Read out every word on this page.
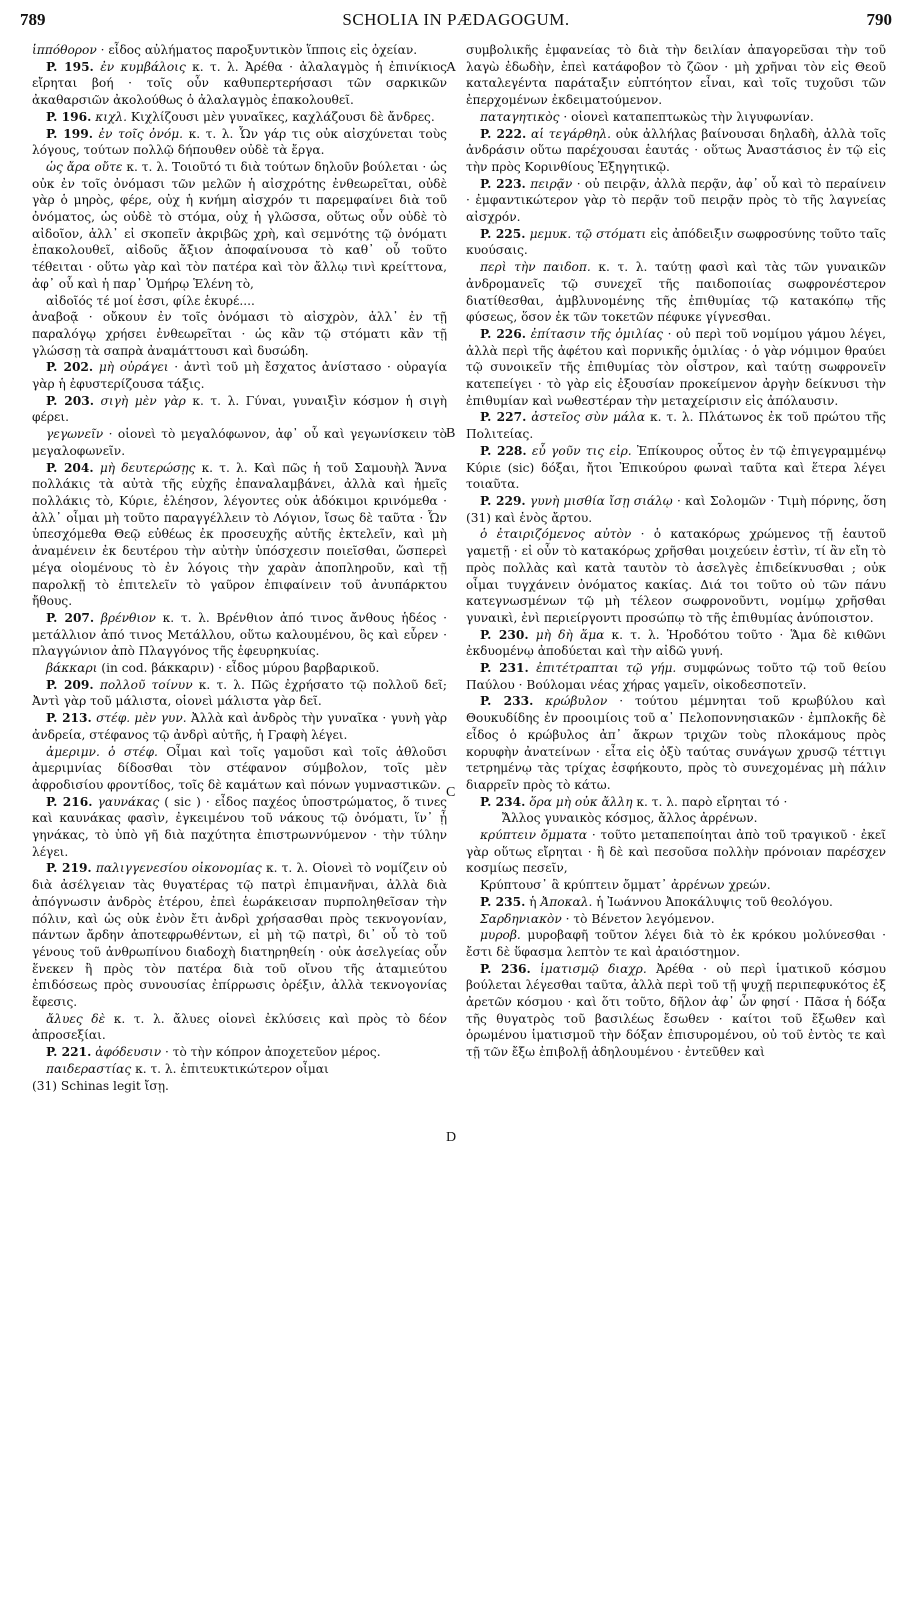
789	SCHOLIA IN PÆDAGOGUM.	790

ἱππόθορον · εἶδος αὐλήματος παροξυντικὸν ἵπποις εἰς ὀχείαν.

P. 195. ἐν κυμβάλοις κ. τ. λ. Ἀρέθα · ἀλαλαγμὸς ἡ ἐπινίκιος εἴρηται βοή · τοῖς οὖν καθυπερτερήσασι τῶν σαρκικῶν ἀκαθαρσιῶν ἀκολούθως ὁ ἀλαλαγμὸς ἐπακολουθεῖ.

P. 196. κιχλ. Κιχλίζουσι μὲν γυναῖκες, καχλάζουσι δὲ ἄνδρες.

P. 199. ἐν τοῖς ὀνόμ. κ. τ. λ. Ὧν γάρ τις οὐκ αἰσχύνεται τοὺς λόγους, τούτων πολλῷ δήπουθεν οὐδὲ τὰ ἔργα.

ὡς ἄρα οὔτε κ. τ. λ. Τοιοῦτό τι διὰ τούτων δηλοῦν βούλεται · ὡς οὐκ ἐν τοῖς ὀνόμασι τῶν μελῶν ἡ αἰσχρότης ἐνθεωρεῖται, οὐδὲ γὰρ ὁ μηρὸς, φέρε, οὐχ ἡ κνήμη αἰσχρόν τι παρεμφαίνει διὰ τοῦ ὀνόματος, ὡς οὐδὲ τὸ στόμα, οὐχ ἡ γλῶσσα, οὕτως οὖν οὐδὲ τὸ αἰδοῖον, ἀλλ᾽ εἰ σκοπεῖν ἀκριβῶς χρὴ, καὶ σεμνότης τῷ ὀνόματι ἐπακολουθεῖ, αἰδοῦς ἄξιον ἀποφαίνουσα τὸ καθ᾽ οὗ τοῦτο τέθειται · οὕτω γὰρ καὶ τὸν πατέρα καὶ τὸν ἄλλῳ τινὶ κρείττονα, ἀφ᾽ οὗ καὶ ἡ παρ᾽ Ὁμήρῳ Ἑλένη τὸ,

αἰδοῖός τέ μοί ἐσσι, φίλε ἑκυρέ....

ἀναβοᾷ · οὔκουν ἐν τοῖς ὀνόμασι τὸ αἰσχρὸν, ἀλλ᾽ ἐν τῇ παραλόγῳ χρήσει ἐνθεωρεῖται · ὡς κἂν τῷ στόματι κἂν τῇ γλώσσῃ τὰ σαπρὰ ἀναμάττουσι καὶ δυσώδη.

P. 202. μὴ οὐράγει · ἀντὶ τοῦ μὴ ἔσχατος ἀνίστασο · οὐραγία γὰρ ἡ ἐφυστερίζουσα τάξις.

P. 203. σιγὴ μὲν γὰρ κ. τ. λ. Γύναι, γυναιξὶν κόσμον ἡ σιγὴ φέρει.

γεγωνεῖν · οἱονεὶ τὸ μεγαλόφωνον, ἀφ᾽ οὗ καὶ γεγωνίσκειν τὸ μεγαλοφωνεῖν.

P. 204. μὴ δευτερώσῃς κ. τ. λ. Καὶ πῶς ἡ τοῦ Σαμουὴλ Ἄννα πολλάκις τὰ αὐτὰ τῆς εὐχῆς ἐπαναλαμβάνει, ἀλλὰ καὶ ἡμεῖς πολλάκις τὸ, Κύριε, ἐλέησον, λέγοντες οὐκ ἀδόκιμοι κρινόμεθα · ἀλλ᾽ οἶμαι μὴ τοῦτο παραγγέλλειν τὸ Λόγιον, ἴσως δὲ ταῦτα · Ὧν ὑπεσχόμεθα Θεῷ εὐθέως ἐκ προσευχῆς αὐτῆς ἐκτελεῖν, καὶ μὴ ἀναμένειν ἐκ δευτέρου τὴν αὐτὴν ὑπόσχεσιν ποιεῖσθαι, ὥσπερεὶ μέγα οἰομένους τὸ ἐν λόγοις τὴν χαρὰν ἀποπληροῦν, καὶ τῇ παρολκῇ τὸ ἐπιτελεῖν τὸ γαῦρον ἐπιφαίνειν τοῦ ἀνυπάρκτου ἤθους.

P. 207. βρένθιον κ. τ. λ. Βρένθιον ἀπό τινος ἄνθους ἡδέος · μετάλλιον ἀπό τινος Μετάλλου, οὕτω καλουμένου, ὃς καὶ εὗρεν · πλαγγώνιον ἀπὸ Πλαγγόνος τῆς ἐφευρηκυίας.

βάκκαρι (in cod. βάκκαριν) · εἶδος μύρου βαρβαρικοῦ.

P. 209. πολλοῦ τοίνυν κ. τ. λ. Πῶς ἐχρήσατο τῷ πολλοῦ δεῖ; Ἀντὶ γὰρ τοῦ μάλιστα, οἱονεὶ μάλιστα γὰρ δεῖ.

P. 213. στέφ. μὲν γυν. Ἀλλὰ καὶ ἀνδρὸς τὴν γυναῖκα · γυνὴ γὰρ ἀνδρεία, στέφανος τῷ ἀνδρὶ αὐτῆς, ἡ Γραφὴ λέγει.

ἀμεριμν. ὁ στέφ. Οἶμαι καὶ τοῖς γαμοῦσι καὶ τοῖς ἀθλοῦσι ἀμεριμνίας δίδοσθαι τὸν στέφανον σύμβολον, τοῖς μὲν ἀφροδισίου φροντίδος, τοῖς δὲ καμάτων καὶ πόνων γυμναστικῶν.

P. 216. γαυνάκας ( sic ) · εἶδος παχέος ὑποστρώματος, ὅ τινες καὶ καυνάκας φασὶν, ἐγκειμένου τοῦ νάκους τῷ ὀνόματι, ἵν᾽ ᾖ γηνάκας, τὸ ὑπὸ γῆ διὰ παχύτητα ἐπιστρωννύμενον · τὴν τύλην λέγει.

P. 219. παλιγγενεσίου οἰκονομίας κ. τ. λ. Οἱονεὶ τὸ νομίζειν οὐ διὰ ἀσέλγειαν τὰς θυγατέρας τῷ πατρὶ ἐπιμανῆναι, ἀλλὰ διὰ ἀπόγνωσιν ἀνδρὸς ἑτέρου, ἐπεὶ ἑωράκεισαν πυρποληθεῖσαν τὴν πόλιν, καὶ ὡς οὐκ ἐνὸν ἔτι ἀνδρὶ χρήσασθαι πρὸς τεκνογονίαν, πάντων ἄρδην ἀποτεφρωθέντων, εἰ μὴ τῷ πατρὶ, δι᾽ οὗ τὸ τοῦ γένους τοῦ ἀνθρωπίνου διαδοχὴ διατηρηθείη · οὐκ ἀσελγείας οὖν ἕνεκεν ἢ πρὸς τὸν πατέρα διὰ τοῦ οἴνου τῆς ἀταμιεύτου ἐπιδόσεως πρὸς συνουσίας ἐπίρρωσις ὀρέξιν, ἀλλὰ τεκνογονίας ἔφεσις.

ἄλυες δὲ κ. τ. λ. ἄλυες οἱονεὶ ἐκλύσεις καὶ πρὸς τὸ δέον ἀπροσεξίαι.

P. 221. ἀφόδευσιν · τὸ τὴν κόπρον ἀποχετεῦον μέρος.

παιδεραστίας κ. τ. λ. ἐπιτευκτικώτερον οἶμαι

(31) Schinas legit ἴσῃ.

συμβολικῆς ἐμφανείας τὸ διὰ τὴν δειλίαν ἀπαγορεῦσαι τὴν τοῦ λαγὼ ἐδωδὴν, ἐπεὶ κατάφοβον τὸ ζῶον · μὴ χρῆναι τὸν εἰς Θεοῦ καταλεγέντα παράταξιν εὐπτόητον εἶναι, καὶ τοῖς τυχοῦσι τῶν ἐπερχομένων ἐκδειματούμενον.

παταγητικὸς · οἱονεὶ καταπεπτωκὼς τὴν λιγυφωνίαν.

P. 222. αἱ τεγάρθηλ. οὐκ ἀλλήλας βαίνουσαι δηλαδὴ, ἀλλὰ τοῖς ἀνδράσιν οὕτω παρέχουσαι ἑαυτάς · οὕτως Ἀναστάσιος ἐν τῷ εἰς τὴν πρὸς Κορινθίους Ἐξηγητικῷ.

P. 223. πειρᾷν · οὐ πειρᾷν, ἀλλὰ περᾷν, ἀφ᾽ οὗ καὶ τὸ περαίνειν · ἐμφαντικώτερον γὰρ τὸ περᾷν τοῦ πειρᾷν πρὸς τὸ τῆς λαγνείας αἰσχρόν.

P. 225. μεμυκ. τῷ στόματι εἰς ἀπόδειξιν σωφροσύνης τοῦτο ταῖς κυούσαις.

περὶ τὴν παιδοπ. κ. τ. λ. ταύτῃ φασὶ καὶ τὰς τῶν γυναικῶν ἀνδρομανεῖς τῷ συνεχεῖ τῆς παιδοποιίας σωφρονέστερον διατίθεσθαι, ἀμβλυνομένης τῆς ἐπιθυμίας τῷ κατακόπῳ τῆς φύσεως, ὅσον ἐκ τῶν τοκετῶν πέφυκε γίγνεσθαι.

P. 226. ἐπίτασιν τῆς ὁμιλίας · οὐ περὶ τοῦ νομίμου γάμου λέγει, ἀλλὰ περὶ τῆς ἀφέτου καὶ πορνικῆς ὁμιλίας · ὁ γὰρ νόμιμον θραύει τῷ συνοικεῖν τῆς ἐπιθυμίας τὸν οἶστρον, καὶ ταύτῃ σωφρονεῖν κατεπείγει · τὸ γὰρ εἰς ἐξουσίαν προκείμενον ἀργὴν δείκνυσι τὴν ἐπιθυμίαν καὶ νωθεστέραν τὴν μεταχείρισιν εἰς ἀπόλαυσιν.

P. 227. ἀστεῖος σὺν μάλα κ. τ. λ. Πλάτωνος ἐκ τοῦ πρώτου τῆς Πολιτείας.

P. 228. εὖ γοῦν τις εἰρ. Ἐπίκουρος οὗτος ἐν τῷ ἐπιγεγραμμένῳ Κύριε (sic) δόξαι, ἤτοι Ἐπικούρου φωναὶ ταῦτα καὶ ἕτερα λέγει τοιαῦτα.

P. 229. γυνὴ μισθία ἴσῃ σιάλῳ · καὶ Σολομῶν · Τιμὴ πόρνης, ὅση (31) καὶ ἑνὸς ἄρτου.

ὁ ἐταιριζόμενος αὐτὸν · ὁ κατακόρως χρώμενος τῇ ἑαυτοῦ γαμετῇ · εἰ οὖν τὸ κατακόρως χρῆσθαι μοιχεύειν ἐστὶν, τί ἂν εἴη τὸ πρὸς πολλὰς καὶ κατὰ ταυτὸν τὸ ἀσελγὲς ἐπιδείκνυσθαι ; οὐκ οἶμαι τυγχάνειν ὀνόματος κακίας. Διά τοι τοῦτο οὐ τῶν πάνυ κατεγνωσμένων τῷ μὴ τέλεον σωφρονοῦντι, νομίμῳ χρῆσθαι γυναικὶ, ἐνὶ περιείργοντι προσώπῳ τὸ τῆς ἐπιθυμίας ἀνύποιστον.

P. 230. μὴ δὴ ἅμα κ. τ. λ. Ἡροδότου τοῦτο · Ἅμα δὲ κιθῶνι ἐκδυομένῳ ἀποδύεται καὶ τὴν αἰδῶ γυνή.

P. 231. ἐπιτέτραπται τῷ γήμ. συμφώνως τοῦτο τῷ τοῦ θείου Παύλου · Βούλομαι νέας χήρας γαμεῖν, οἰκοδεσποτεῖν.

P. 233. κρώβυλον · τούτου μέμνηται τοῦ κρωβύλου καὶ Θουκυδίδης ἐν προοιμίοις τοῦ α᾽ Πελοποννησιακῶν · ἐμπλοκῆς δὲ εἶδος ὁ κρώβυλος ἀπ᾽ ἄκρων τριχῶν τοὺς πλοκάμους πρὸς κορυφὴν ἀνατείνων · εἶτα εἰς ὀξὺ ταύτας συνάγων χρυσῷ τέττιγι τετρημένῳ τὰς τρίχας ἐσφήκουτο, πρὸς τὸ συνεχομένας μὴ πάλιν διαρρεῖν πρὸς τὸ κάτω.

P. 234. ὅρα μὴ οὐκ ἄλλη κ. τ. λ. παρὸ εἴρηται τό ·

Ἄλλος γυναικὸς κόσμος, ἄλλος ἀρρένων.

κρύπτειν ὄμματα · τοῦτο μεταπεποίηται ἀπὸ τοῦ τραγικοῦ · ἐκεῖ γὰρ οὕτως εἴρηται · ἣ δὲ καὶ πεσοῦσα πολλὴν πρόνοιαν παρέσχεν κοσμίως πεσεῖν,

Κρύπτουσ᾽ ἃ κρύπτειν ὄμματ᾽ ἀρρένων χρεών.

P. 235. ἡ Ἀποκαλ. ἡ Ἰωάννου Ἀποκάλυψις τοῦ θεολόγου.

Σαρδηνιακὸν · τὸ Βένετον λεγόμενον.

μυροβ. μυροβαφῆ τοῦτον λέγει διὰ τὸ ἐκ κρόκου μολύνεσθαι · ἔστι δὲ ὕφασμα λεπτὸν τε καὶ ἀραιόστημον.

P. 236. ἱματισμῷ διαχρ. Ἀρέθα · οὐ περὶ ἱματικοῦ κόσμου βούλεται λέγεσθαι ταῦτα, ἀλλὰ περὶ τοῦ τῇ ψυχῇ περιπεφυκότος ἐξ ἀρετῶν κόσμου · καὶ ὅτι τοῦτο, δῆλον ἀφ᾽ ὧν φησί · Πᾶσα ἡ δόξα τῆς θυγατρὸς τοῦ βασιλέως ἔσωθεν · καίτοι τοῦ ἔξωθεν καὶ ὁρωμένου ἱματισμοῦ τὴν δόξαν ἐπισυρομένου, οὐ τοῦ ἐντὸς τε καὶ τῇ τῶν ἔξω ἐπιβολῇ ἀδηλουμένου · ἐντεῦθεν καὶ

A
B
C
D
